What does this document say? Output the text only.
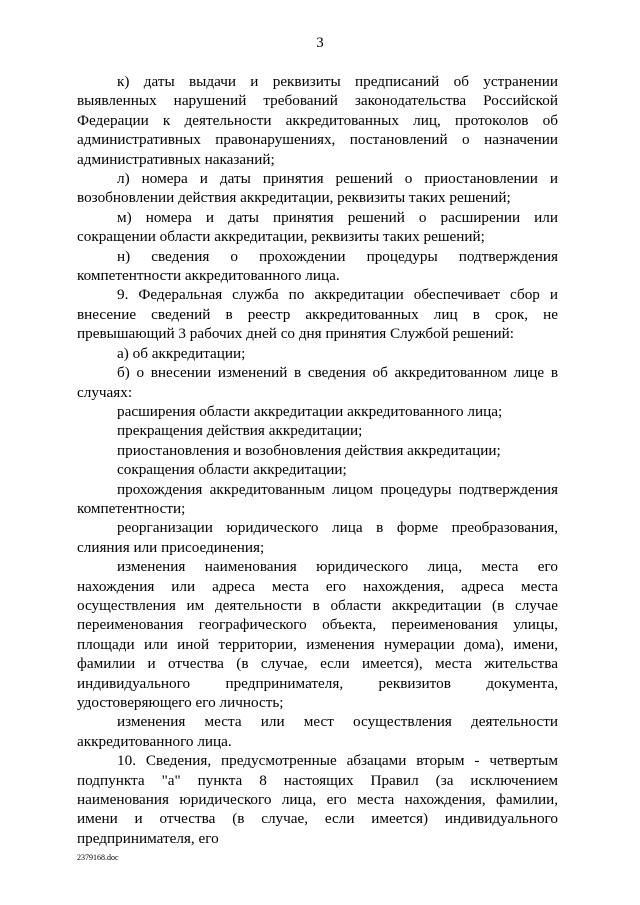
3

к) даты выдачи и реквизиты предписаний об устранении выявленных нарушений требований законодательства Российской Федерации к деятельности аккредитованных лиц, протоколов об административных правонарушениях, постановлений о назначении административных наказаний;

л) номера и даты принятия решений о приостановлении и возобновлении действия аккредитации, реквизиты таких решений;

м) номера и даты принятия решений о расширении или сокращении области аккредитации, реквизиты таких решений;

н) сведения о прохождении процедуры подтверждения компетентности аккредитованного лица.

9. Федеральная служба по аккредитации обеспечивает сбор и внесение сведений в реестр аккредитованных лиц в срок, не превышающий 3 рабочих дней со дня принятия Службой решений:

а) об аккредитации;

б) о внесении изменений в сведения об аккредитованном лице в случаях:

расширения области аккредитации аккредитованного лица;

прекращения действия аккредитации;

приостановления и возобновления действия аккредитации;

сокращения области аккредитации;

прохождения аккредитованным лицом процедуры подтверждения компетентности;

реорганизации юридического лица в форме преобразования, слияния или присоединения;

изменения наименования юридического лица, места его нахождения или адреса места его нахождения, адреса места осуществления им деятельности в области аккредитации (в случае переименования географического объекта, переименования улицы, площади или иной территории, изменения нумерации дома), имени, фамилии и отчества (в случае, если имеется), места жительства индивидуального предпринимателя, реквизитов документа, удостоверяющего его личность;

изменения места или мест осуществления деятельности аккредитованного лица.

10. Сведения, предусмотренные абзацами вторым - четвертым подпункта "а" пункта 8 настоящих Правил (за исключением наименования юридического лица, его места нахождения, фамилии, имени и отчества (в случае, если имеется) индивидуального предпринимателя, его

2379168.doc
